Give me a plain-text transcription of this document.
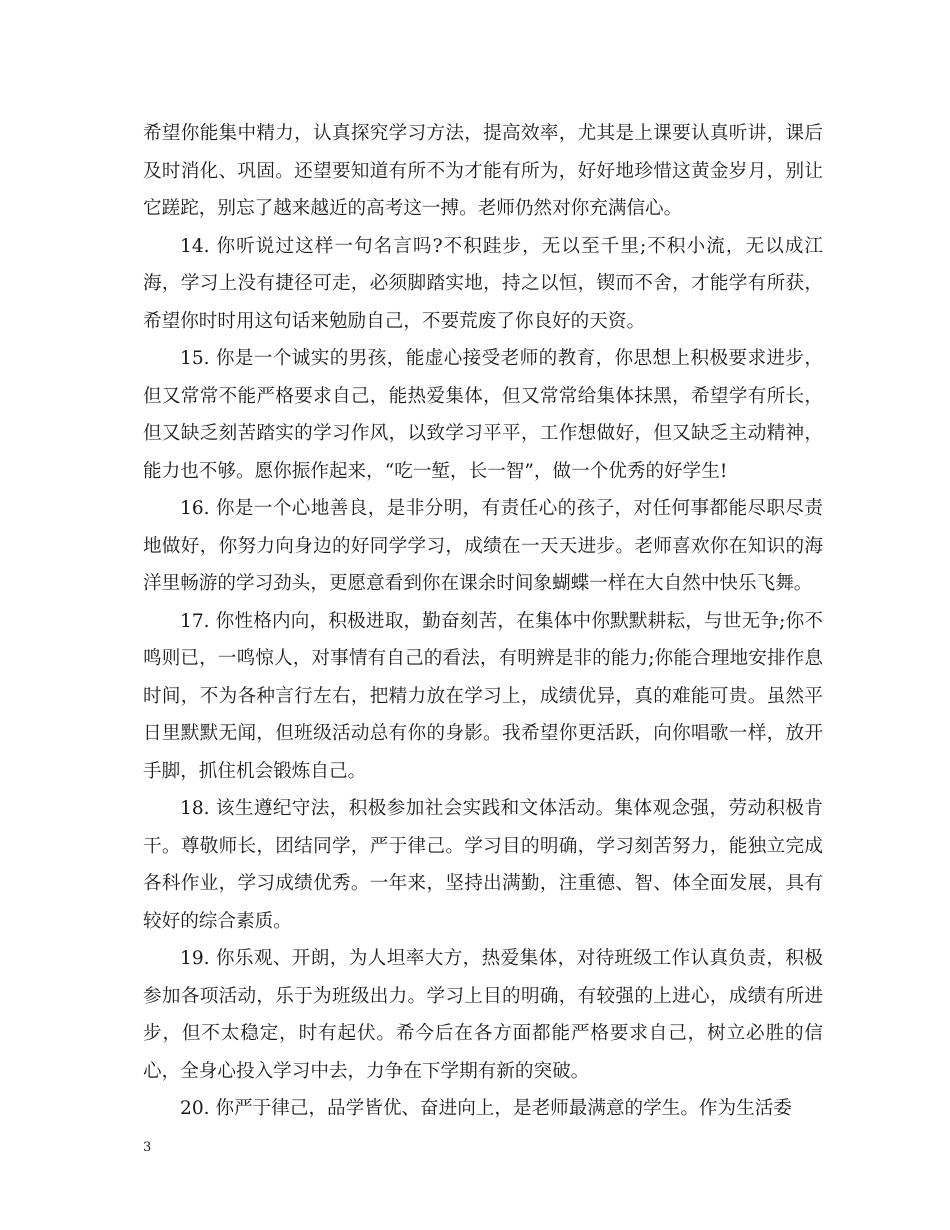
希望你能集中精力，认真探究学习方法，提高效率，尤其是上课要认真听讲，课后及时消化、巩固。还望要知道有所不为才能有所为，好好地珍惜这黄金岁月，别让它蹉跎，别忘了越来越近的高考这一搏。老师仍然对你充满信心。

14. 你听说过这样一句名言吗?不积跬步，无以至千里;不积小流，无以成江海，学习上没有捷径可走，必须脚踏实地，持之以恒，锲而不舍，才能学有所获，希望你时时用这句话来勉励自己，不要荒废了你良好的天资。

15. 你是一个诚实的男孩，能虚心接受老师的教育，你思想上积极要求进步，但又常常不能严格要求自己，能热爱集体，但又常常给集体抹黑，希望学有所长，但又缺乏刻苦踏实的学习作风，以致学习平平，工作想做好，但又缺乏主动精神，能力也不够。愿你振作起来，“吃一堑，长一智”，做一个优秀的好学生!

16. 你是一个心地善良，是非分明，有责任心的孩子，对任何事都能尽职尽责地做好，你努力向身边的好同学学习，成绩在一天天进步。老师喜欢你在知识的海洋里畅游的学习劲头，更愿意看到你在课余时间象蝴蝶一样在大自然中快乐飞舞。

17. 你性格内向，积极进取，勤奋刻苦，在集体中你默默耕耘，与世无争;你不鸣则已，一鸣惊人，对事情有自己的看法，有明辨是非的能力;你能合理地安排作息时间，不为各种言行左右，把精力放在学习上，成绩优异，真的难能可贵。虽然平日里默默无闻，但班级活动总有你的身影。我希望你更活跃，向你唱歌一样，放开手脚，抓住机会锻炼自己。

18. 该生遵纪守法，积极参加社会实践和文体活动。集体观念强，劳动积极肯干。尊敬师长，团结同学，严于律己。学习目的明确，学习刻苦努力，能独立完成各科作业，学习成绩优秀。一年来，坚持出满勤，注重德、智、体全面发展，具有较好的综合素质。

19. 你乐观、开朗，为人坦率大方，热爱集体，对待班级工作认真负责，积极参加各项活动，乐于为班级出力。学习上目的明确，有较强的上进心，成绩有所进步，但不太稳定，时有起伏。希今后在各方面都能严格要求自己，树立必胜的信心，全身心投入学习中去，力争在下学期有新的突破。

20. 你严于律己，品学皆优、奋进向上，是老师最满意的学生。作为生活委

3
